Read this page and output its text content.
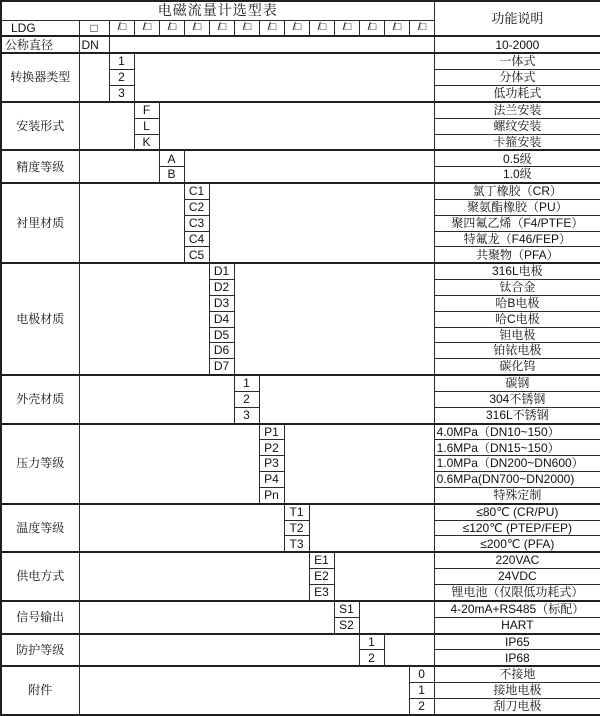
电磁流量计选型表															功能说明
LDG	□	/□	/□	/□	/□	/□	/□	/□	/□	/□	/□	/□	/□	/□	
公称直径	DN														10-2000
转换器类型		1													一体式
		2													分体式
		3													低功耗式
安装形式			F												法兰安装
			L												螺纹安装
			K												卡箍安装
精度等级				A											0.5级
				B											1.0级
衬里材质					C1										氯丁橡胶（CR）
					C2										聚氨酯橡胶（PU）
					C3										聚四氟乙烯（F4/PTFE）
					C4										特氟龙（F46/FEP）
					C5										共聚物（PFA）
电极材质						D1									316L电极
						D2									钛合金
						D3									哈B电极
						D4									哈C电极
						D5									钽电极
						D6									铂铱电极
						D7									碳化钨
外壳材质							1								碳钢
							2								304不锈钢
							3								316L不锈钢
压力等级								P1							4.0MPa（DN10~150）
								P2							1.6MPa（DN15~150）
								P3							1.0MPa（DN200~DN600）
								P4							0.6MPa(DN700~DN2000)
								Pn							特殊定制
温度等级									T1						≤80℃ (CR/PU)
									T2						≤120℃ (PTEP/FEP)
									T3						≤200℃ (PFA)
供电方式										E1					220VAC
										E2					24VDC
										E3					锂电池（仅限低功耗式）
信号输出											S1				4-20mA+RS485（标配）
											S2				HART
防护等级												1			IP65
												2			IP68
附件														0	不接地
														1	接地电极
														2	刮刀电极
